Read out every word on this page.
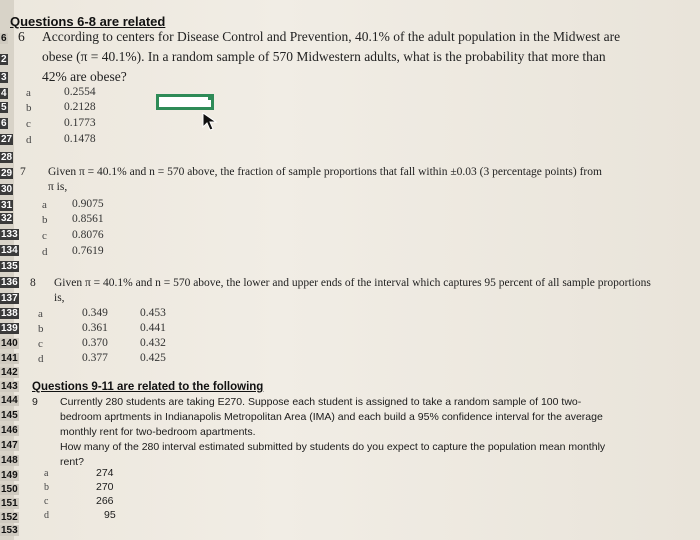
6
2
3
4
5
6
27
28
29
30
31
32
133
134
135
136
137
138
139
140
141
142
143
144
145
146
147
148
149
150
151
152
153
Questions 6-8 are related
6 According to centers for Disease Control and Prevention, 40.1% of the adult population in the Midwest are obese (π = 40.1%). In a random sample of 570 Midwestern adults, what is the probability that more than 42% are obese?
a
b
c
d
0.2554
0.2128
0.1773
0.1478
7 Given π = 40.1% and n = 570 above, the fraction of sample proportions that fall within ±0.03 (3 percentage points) from π is,
a
b
c
d
0.9075
0.8561
0.8076
0.7619
8 Given π = 40.1% and n = 570 above, the lower and upper ends of the interval which captures 95 percent of all sample proportions is,
a
b
c
d
0.349
0.361
0.370
0.377
0.453
0.441
0.432
0.425
Questions 9-11 are related to the following
9 Currently 280 students are taking E270. Suppose each student is assigned to take a random sample of 100 two-bedroom aprtments in Indianapolis Metropolitan Area (IMA) and each build a 95% confidence interval for the average monthly rent for two-bedroom apartments.
How many of the 280 interval estimated submitted by students do you expect to capture the population mean monthly rent?
a
b
c
d
274
270
266
95
